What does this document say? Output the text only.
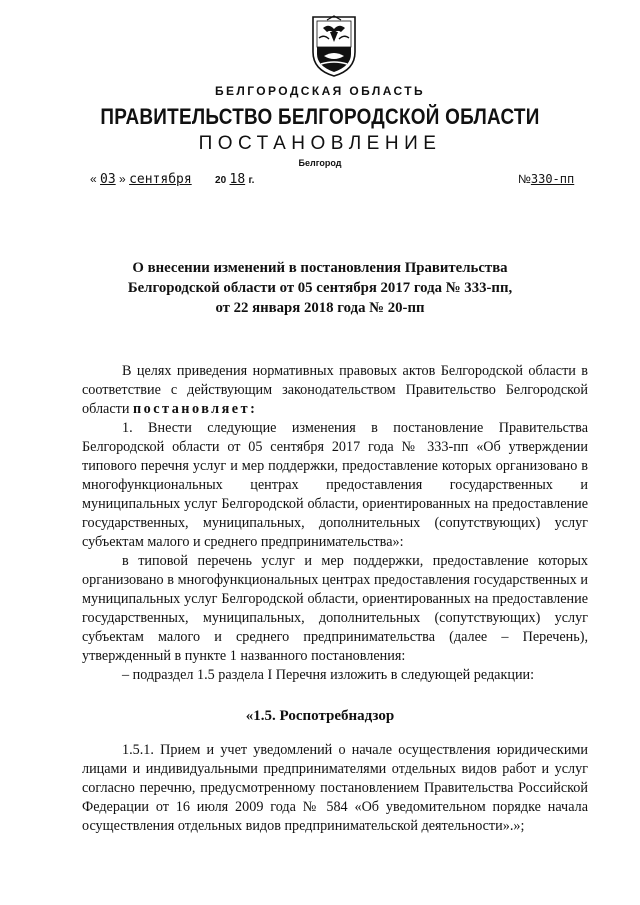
БЕЛГОРОДСКАЯ ОБЛАСТЬ
ПРАВИТЕЛЬСТВО БЕЛГОРОДСКОЙ ОБЛАСТИ
ПОСТАНОВЛЕНИЕ
Белгород
« 03 » сентября 20 18 г.	№330-пп
О внесении изменений в постановления Правительства
Белгородской области от 05 сентября 2017 года № 333-пп,
от 22 января 2018 года № 20-пп

В целях приведения нормативных правовых актов Белгородской области в соответствие с действующим законодательством Правительство Белгородской области постановляет:

1. Внести следующие изменения в постановление Правительства Белгородской области от 05 сентября 2017 года № 333-пп «Об утверждении типового перечня услуг и мер поддержки, предоставление которых организовано в многофункциональных центрах предоставления государственных и муниципальных услуг Белгородской области, ориентированных на предоставление государственных, муниципальных, дополнительных (сопутствующих) услуг субъектам малого и среднего предпринимательства»:

в типовой перечень услуг и мер поддержки, предоставление которых организовано в многофункциональных центрах предоставления государственных и муниципальных услуг Белгородской области, ориентированных на предоставление государственных, муниципальных, дополнительных (сопутствующих) услуг субъектам малого и среднего предпринимательства (далее – Перечень), утвержденный в пункте 1 названного постановления:

– подраздел 1.5 раздела I Перечня изложить в следующей редакции:

«1.5. Роспотребнадзор

1.5.1. Прием и учет уведомлений о начале осуществления юридическими лицами и индивидуальными предпринимателями отдельных видов работ и услуг согласно перечню, предусмотренному постановлением Правительства Российской Федерации от 16 июля 2009 года № 584 «Об уведомительном порядке начала осуществления отдельных видов предпринимательской деятельности».»;
